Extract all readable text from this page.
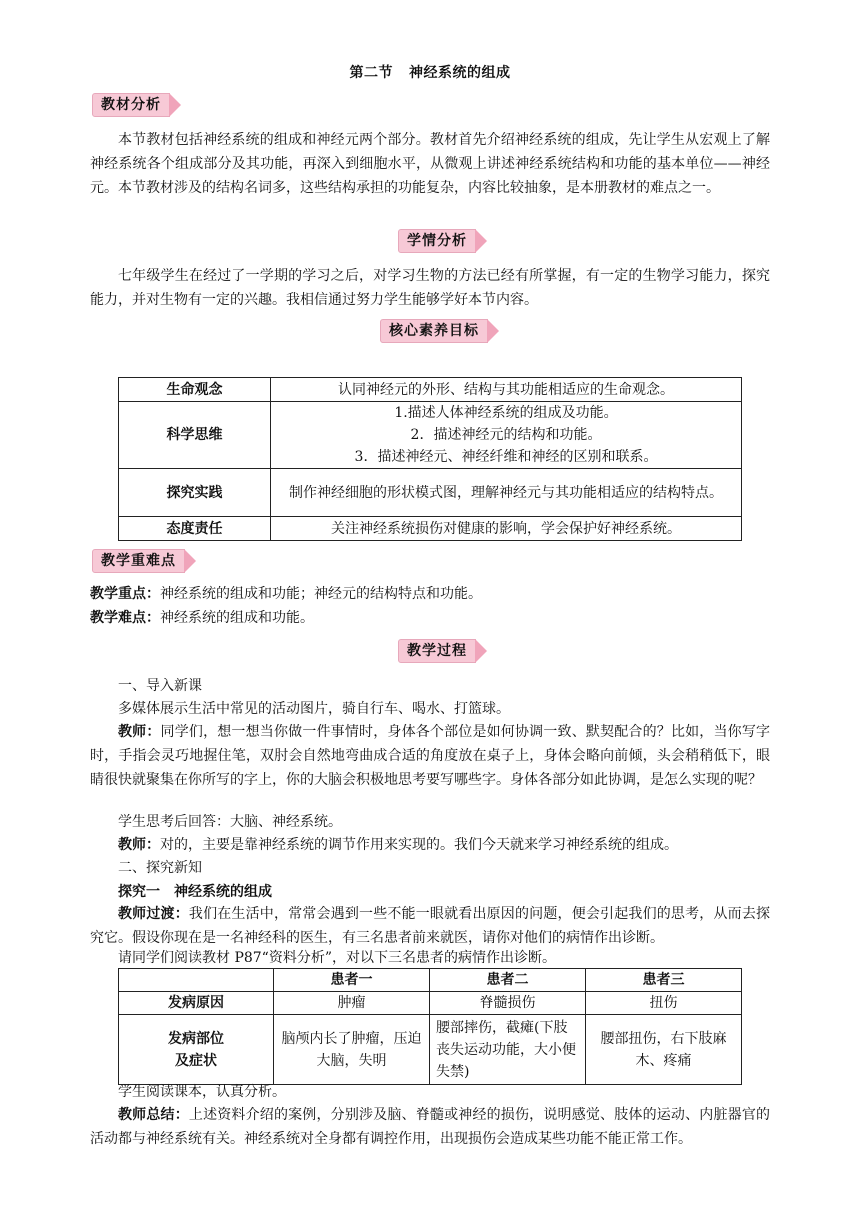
第二节 神经系统的组成
教材分析
本节教材包括神经系统的组成和神经元两个部分。教材首先介绍神经系统的组成，先让学生从宏观上了解神经系统各个组成部分及其功能，再深入到细胞水平，从微观上讲述神经系统结构和功能的基本单位——神经元。本节教材涉及的结构名词多，这些结构承担的功能复杂，内容比较抽象，是本册教材的难点之一。
学情分析
七年级学生在经过了一学期的学习之后，对学习生物的方法已经有所掌握，有一定的生物学习能力，探究能力，并对生物有一定的兴趣。我相信通过努力学生能够学好本节内容。
核心素养目标
生命观念	认同神经元的外形、结构与其功能相适应的生命观念。
科学思维	1.描述人体神经系统的组成及功能。
2．描述神经元的结构和功能。
3．描述神经元、神经纤维和神经的区别和联系。

探究实践	制作神经细胞的形状模式图，理解神经元与其功能相适应的结构特点。
态度责任	关注神经系统损伤对健康的影响，学会保护好神经系统。
教学重难点
教学重点：神经系统的组成和功能；神经元的结构特点和功能。
教学难点：神经系统的组成和功能。
教学过程
一、导入新课
多媒体展示生活中常见的活动图片，骑自行车、喝水、打篮球。
教师：同学们，想一想当你做一件事情时，身体各个部位是如何协调一致、默契配合的？比如，当你写字时，手指会灵巧地握住笔，双肘会自然地弯曲成合适的角度放在桌子上，身体会略向前倾，头会稍稍低下，眼睛很快就聚集在你所写的字上，你的大脑会积极地思考要写哪些字。身体各部分如此协调，是怎么实现的呢？
学生思考后回答：大脑、神经系统。
教师：对的，主要是靠神经系统的调节作用来实现的。我们今天就来学习神经系统的组成。
二、探究新知
探究一　神经系统的组成
教师过渡：我们在生活中，常常会遇到一些不能一眼就看出原因的问题，便会引起我们的思考，从而去探究它。假设你现在是一名神经科的医生，有三名患者前来就医，请你对他们的病情作出诊断。
请同学们阅读教材 P87“资料分析”，对以下三名患者的病情作出诊断。
	患者一	患者二	患者三
发病原因	肿瘤	脊髓损伤	扭伤

发病部位
及症状	脑颅内长了肿瘤，压迫大脑，失明	腰部摔伤，截瘫(下肢丧失运动功能，大小便失禁)	腰部扭伤，右下肢麻木、疼痛
学生阅读课本，认真分析。
教师总结：上述资料介绍的案例，分别涉及脑、脊髓或神经的损伤，说明感觉、肢体的运动、内脏器官的活动都与神经系统有关。神经系统对全身都有调控作用，出现损伤会造成某些功能不能正常工作。
